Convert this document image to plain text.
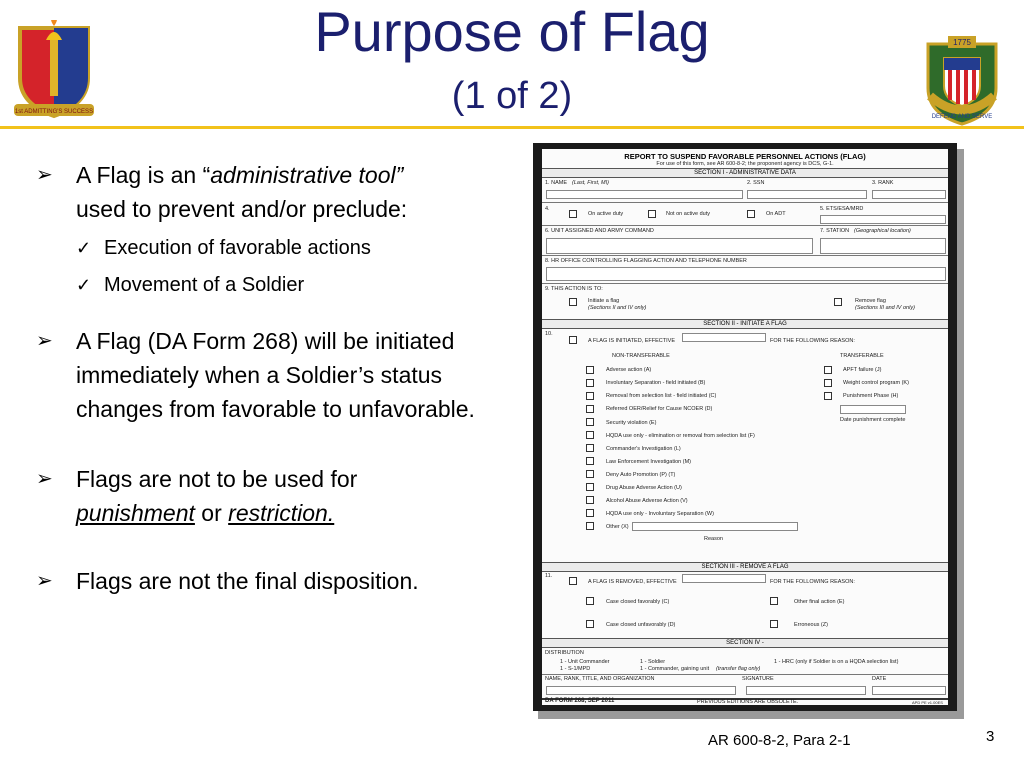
Purpose of Flag
(1 of 2)
1st ADMITTING'S SUCCESS
1775
DEFEND AND SERVE
➢ A Flag is an “administrative tool”
used to prevent and/or preclude:
✓ Execution of favorable actions
✓ Movement of a Soldier
➢ A Flag (DA Form 268) will be initiated immediately when a Soldier’s status changes from favorable to unfavorable.
➢ Flags are not to be used for
punishment or restriction.
➢ Flags are not the final disposition.
REPORT TO SUSPEND FAVORABLE PERSONNEL ACTIONS (FLAG)
For use of this form, see AR 600-8-2; the proponent agency is DCS, G-1.
SECTION I - ADMINISTRATIVE DATA
1. NAME (Last, First, MI)	2. SSN	3. RANK
4.
On active duty	Not on active duty	On ADT
5. ETS/ESA/MRD
6. UNIT ASSIGNED AND ARMY COMMAND	7. STATION (Geographical location)
8. HR OFFICE CONTROLLING FLAGGING ACTION AND TELEPHONE NUMBER
9. THIS ACTION IS TO:
Initiate a flag
(Sections II and IV only)
Remove flag
(Sections III and IV only)
SECTION II - INITIATE A FLAG
10.
A FLAG IS INITIATED, EFFECTIVE	FOR THE FOLLOWING REASON:
NON-TRANSFERABLE	TRANSFERABLE
Adverse action (A)
Involuntary Separation - field initiated (B)
Removal from selection list - field initiated (C)
Referred OER/Relief for Cause NCOER (D)
Security violation (E)
HQDA use only - elimination or removal from selection list (F)
Commander's Investigation (L)
Law Enforcement Investigation (M)
Deny Auto Promotion (P) (T)
Drug Abuse Adverse Action (U)
Alcohol Abuse Adverse Action (V)
HQDA use only - Involuntary Separation (W)
Other (X)
Reason
APFT failure (J)
Weight control program (K)
Punishment Phase (H)
Date punishment complete
SECTION III - REMOVE A FLAG
11.
A FLAG IS REMOVED, EFFECTIVE	FOR THE FOLLOWING REASON:
Case closed favorably (C)
Case closed unfavorably (D)
Other final action (E)
Erroneous (Z)
SECTION IV -
DISTRIBUTION
1 - Unit Commander
1 - S-1/MPD
1 - Soldier
1 - Commander, gaining unit (transfer flag only)
1 - HRC (only if Soldier is on a HQDA selection list)
NAME, RANK, TITLE, AND ORGANIZATION	SIGNATURE	DATE
DA FORM 268, SEP 2011	PREVIOUS EDITIONS ARE OBSOLETE.	APD PE v1.00ES
AR 600-8-2, Para 2-1	3
